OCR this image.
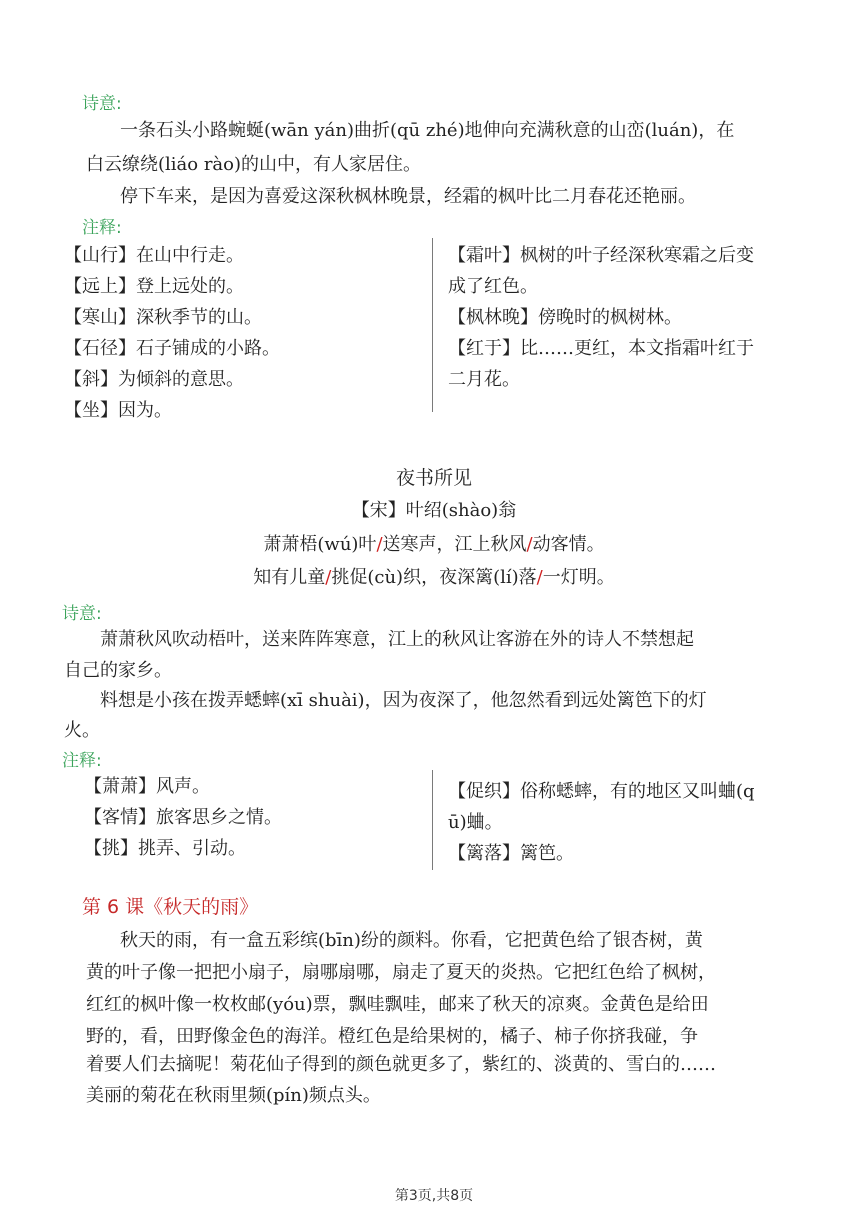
诗意:
一条石头小路蜿蜒(wān yán)曲折(qū zhé)地伸向充满秋意的山峦(luán)，在
白云缭绕(liáo rào)的山中，有人家居住。
停下车来，是因为喜爱这深秋枫林晚景，经霜的枫叶比二月春花还艳丽。
注释:
【山行】在山中行走。
【远上】登上远处的。
【寒山】深秋季节的山。
【石径】石子铺成的小路。
【斜】为倾斜的意思。
【坐】因为。
【霜叶】枫树的叶子经深秋寒霜之后变
成了红色。
【枫林晚】傍晚时的枫树林。
【红于】比……更红，本文指霜叶红于
二月花。
夜书所见
【宋】叶绍(shào)翁
萧萧梧(wú)叶/送寒声，江上秋风/动客情。
知有儿童/挑促(cù)织，夜深篱(lí)落/一灯明。
诗意:
萧萧秋风吹动梧叶，送来阵阵寒意，江上的秋风让客游在外的诗人不禁想起
自己的家乡。
料想是小孩在拨弄蟋蟀(xī shuài)，因为夜深了，他忽然看到远处篱笆下的灯
火。
注释:
【萧萧】风声。
【客情】旅客思乡之情。
【挑】挑弄、引动。
【促织】俗称蟋蟀，有的地区又叫蛐(q
ū)蛐。
【篱落】篱笆。
第 6 课《秋天的雨》
秋天的雨，有一盒五彩缤(bīn)纷的颜料。你看，它把黄色给了银杏树，黄
黄的叶子像一把把小扇子，扇哪扇哪，扇走了夏天的炎热。它把红色给了枫树，
红红的枫叶像一枚枚邮(yóu)票，飘哇飘哇，邮来了秋天的凉爽。金黄色是给田
野的，看，田野像金色的海洋。橙红色是给果树的，橘子、柿子你挤我碰，争
着要人们去摘呢！菊花仙子得到的颜色就更多了，紫红的、淡黄的、雪白的……
美丽的菊花在秋雨里频(pín)频点头。
第3页,共8页
